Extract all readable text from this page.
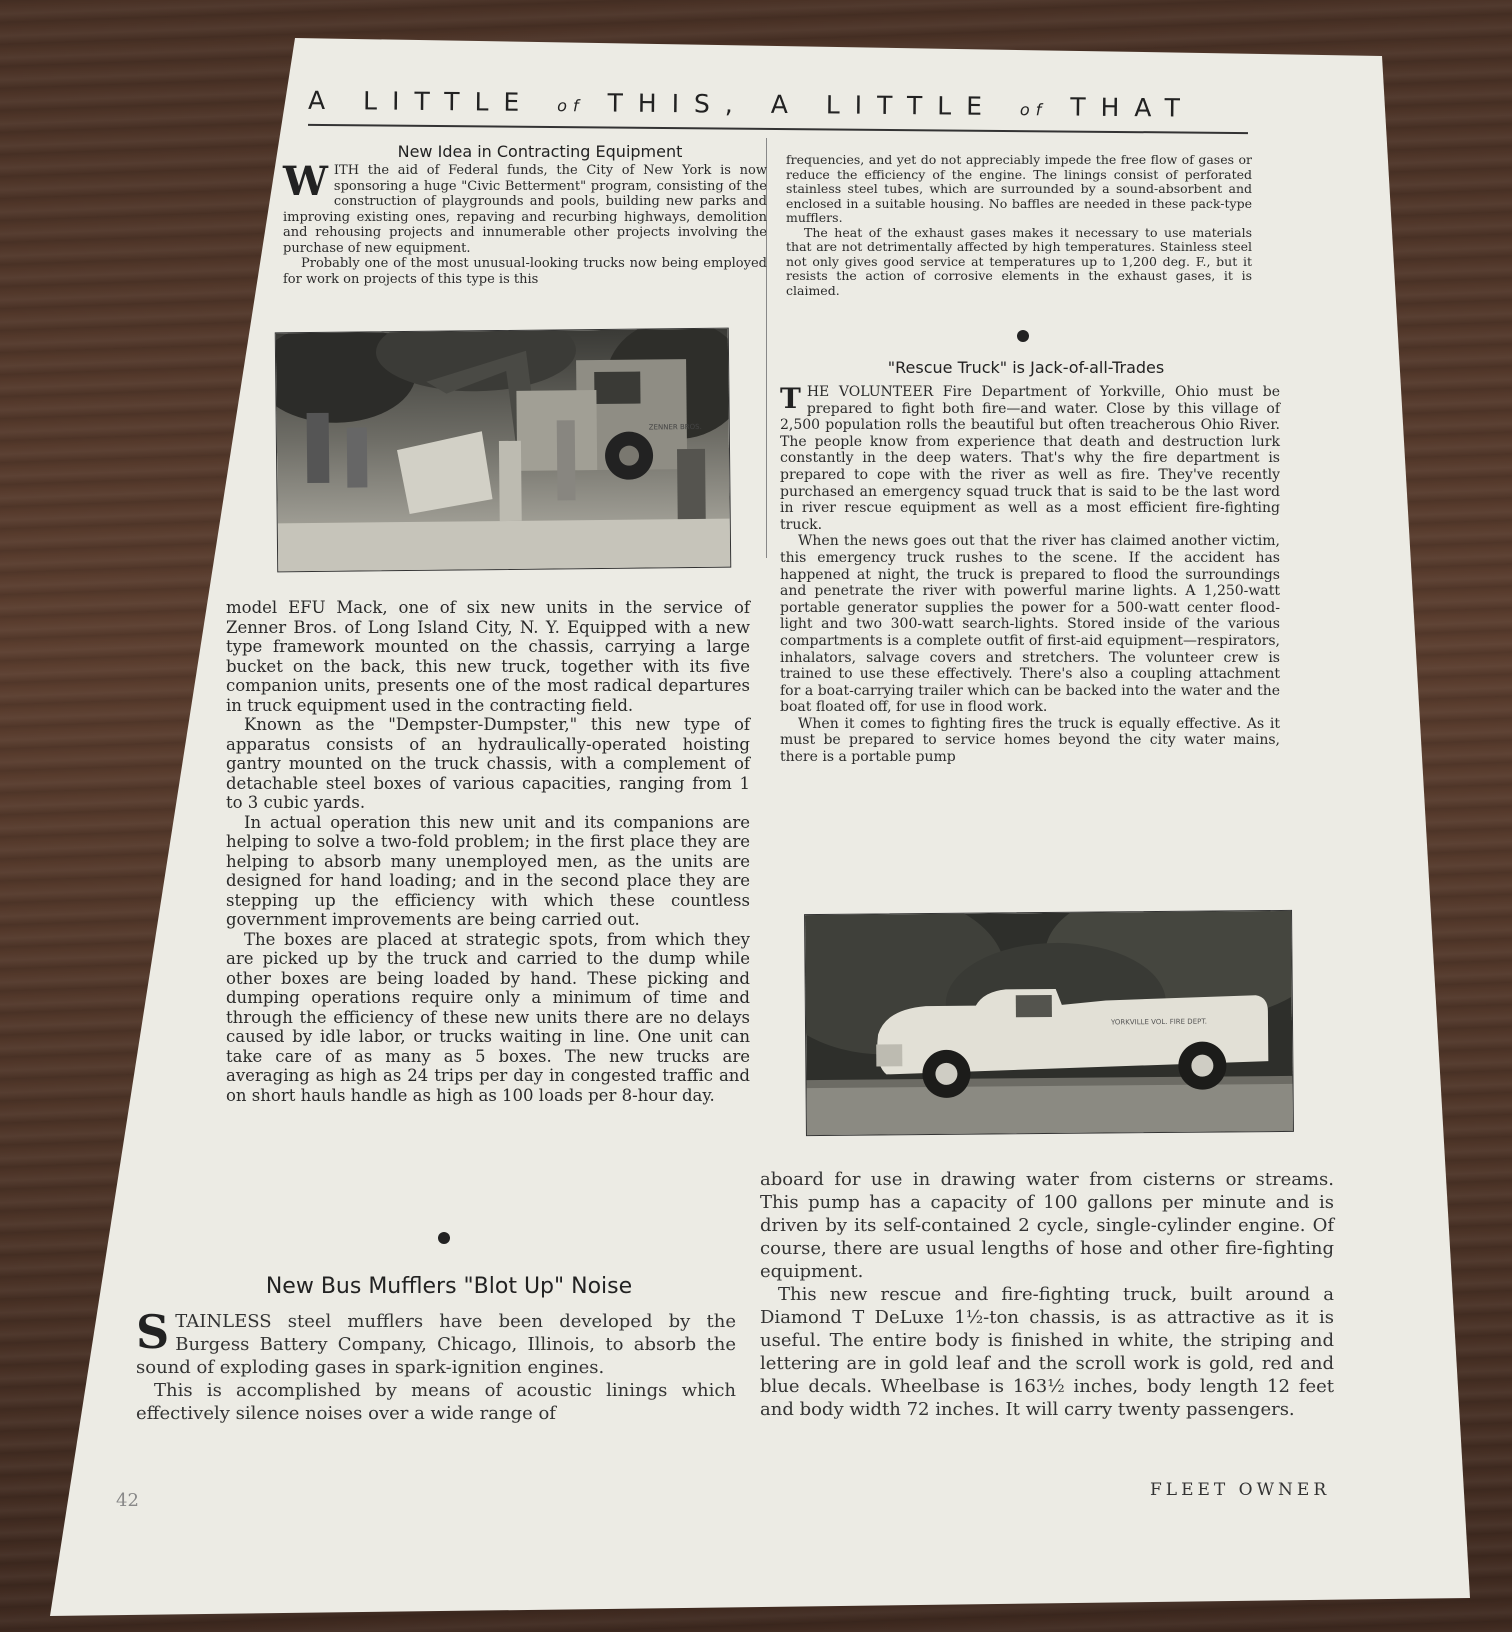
A LITTLE of THIS, A LITTLE of THAT
New Idea in Contracting Equipment

WITH the aid of Federal funds, the City of New York is now sponsoring a huge "Civic Betterment" program, consisting of the construction of playgrounds and pools, building new parks and improving existing ones, repaving and recurbing highways, demolition and rehousing projects and innumerable other projects involving the purchase of new equipment.

Probably one of the most unusual-looking trucks now being employed for work on projects of this type is this

ZENNER BROS.

model EFU Mack, one of six new units in the service of Zenner Bros. of Long Island City, N. Y. Equipped with a new type framework mounted on the chassis, carrying a large bucket on the back, this new truck, together with its five companion units, presents one of the most radical departures in truck equipment used in the contracting field.

Known as the "Dempster-Dumpster," this new type of apparatus consists of an hydraulically-operated hoisting gantry mounted on the truck chassis, with a complement of detachable steel boxes of various capacities, ranging from 1 to 3 cubic yards.

In actual operation this new unit and its companions are helping to solve a two-fold problem; in the first place they are helping to absorb many unemployed men, as the units are designed for hand loading; and in the second place they are stepping up the efficiency with which these countless government improvements are being carried out.

The boxes are placed at strategic spots, from which they are picked up by the truck and carried to the dump while other boxes are being loaded by hand. These picking and dumping operations require only a minimum of time and through the efficiency of these new units there are no delays caused by idle labor, or trucks waiting in line. One unit can take care of as many as 5 boxes. The new trucks are averaging as high as 24 trips per day in congested traffic and on short hauls handle as high as 100 loads per 8-hour day.

New Bus Mufflers "Blot Up" Noise

STAINLESS steel mufflers have been developed by the Burgess Battery Company, Chicago, Illinois, to absorb the sound of exploding gases in spark-ignition engines.

This is accomplished by means of acoustic linings which effectively silence noises over a wide range of

frequencies, and yet do not appreciably impede the free flow of gases or reduce the efficiency of the engine. The linings consist of perforated stainless steel tubes, which are surrounded by a sound-absorbent and enclosed in a suitable housing. No baffles are needed in these pack-type mufflers.

The heat of the exhaust gases makes it necessary to use materials that are not detrimentally affected by high temperatures. Stainless steel not only gives good service at temperatures up to 1,200 deg. F., but it resists the action of corrosive elements in the exhaust gases, it is claimed.

"Rescue Truck" is Jack-of-all-Trades

THE VOLUNTEER Fire Department of Yorkville, Ohio must be prepared to fight both fire—and water. Close by this village of 2,500 population rolls the beautiful but often treacherous Ohio River. The people know from experience that death and destruction lurk constantly in the deep waters. That's why the fire department is prepared to cope with the river as well as fire. They've recently purchased an emergency squad truck that is said to be the last word in river rescue equipment as well as a most efficient fire-fighting truck.

When the news goes out that the river has claimed another victim, this emergency truck rushes to the scene. If the accident has happened at night, the truck is prepared to flood the surroundings and penetrate the river with powerful marine lights. A 1,250-watt portable generator supplies the power for a 500-watt center flood-light and two 300-watt search-lights. Stored inside of the various compartments is a complete outfit of first-aid equipment—respirators, inhalators, salvage covers and stretchers. The volunteer crew is trained to use these effectively. There's also a coupling attachment for a boat-carrying trailer which can be backed into the water and the boat floated off, for use in flood work.

When it comes to fighting fires the truck is equally effective. As it must be prepared to service homes beyond the city water mains, there is a portable pump

YORKVILLE VOL. FIRE DEPT.

aboard for use in drawing water from cisterns or streams. This pump has a capacity of 100 gallons per minute and is driven by its self-contained 2 cycle, single-cylinder engine. Of course, there are usual lengths of hose and other fire-fighting equipment.

This new rescue and fire-fighting truck, built around a Diamond T DeLuxe 1½-ton chassis, is as attractive as it is useful. The entire body is finished in white, the striping and lettering are in gold leaf and the scroll work is gold, red and blue decals. Wheelbase is 163½ inches, body length 12 feet and body width 72 inches. It will carry twenty passengers.

42	FLEET OWNER
